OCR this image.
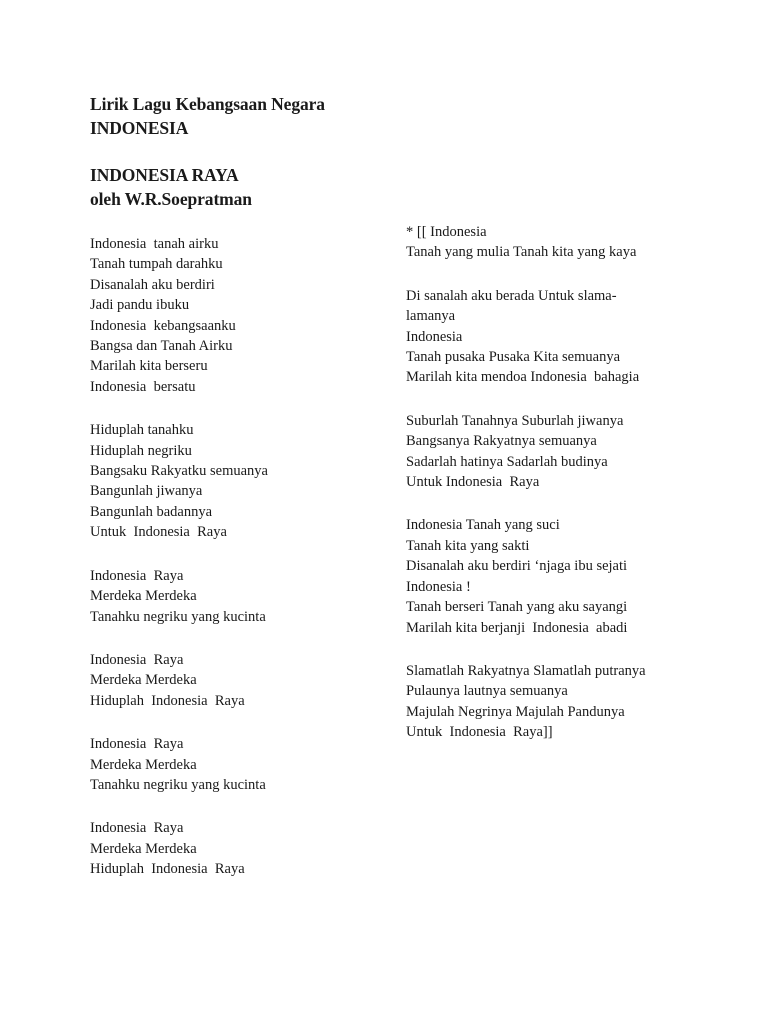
Lirik Lagu Kebangsaan Negara
INDONESIA
INDONESIA RAYA
oleh W.R.Soepratman
Indonesia  tanah airku
Tanah tumpah darahku
Disanalah aku berdiri
Jadi pandu ibuku
Indonesia  kebangsaanku
Bangsa dan Tanah Airku
Marilah kita berseru
Indonesia  bersatu
Hiduplah tanahku
Hiduplah negriku
Bangsaku Rakyatku semuanya
Bangunlah jiwanya
Bangunlah badannya
Untuk  Indonesia  Raya
Indonesia  Raya
Merdeka Merdeka
Tanahku negriku yang kucinta
Indonesia  Raya
Merdeka Merdeka
Hiduplah  Indonesia  Raya
Indonesia  Raya
Merdeka Merdeka
Tanahku negriku yang kucinta
Indonesia  Raya
Merdeka Merdeka
Hiduplah  Indonesia  Raya
* [[ Indonesia
Tanah yang mulia Tanah kita yang kaya
Di sanalah aku berada Untuk slama-
lamanya
Indonesia
Tanah pusaka Pusaka Kita semuanya
Marilah kita mendoa Indonesia  bahagia
Suburlah Tanahnya Suburlah jiwanya
Bangsanya Rakyatnya semuanya
Sadarlah hatinya Sadarlah budinya
Untuk Indonesia  Raya
Indonesia Tanah yang suci
Tanah kita yang sakti
Disanalah aku berdiri ‘njaga ibu sejati
Indonesia !
Tanah berseri Tanah yang aku sayangi
Marilah kita berjanji  Indonesia  abadi
Slamatlah Rakyatnya Slamatlah putranya
Pulaunya lautnya semuanya
Majulah Negrinya Majulah Pandunya
Untuk  Indonesia  Raya]]
